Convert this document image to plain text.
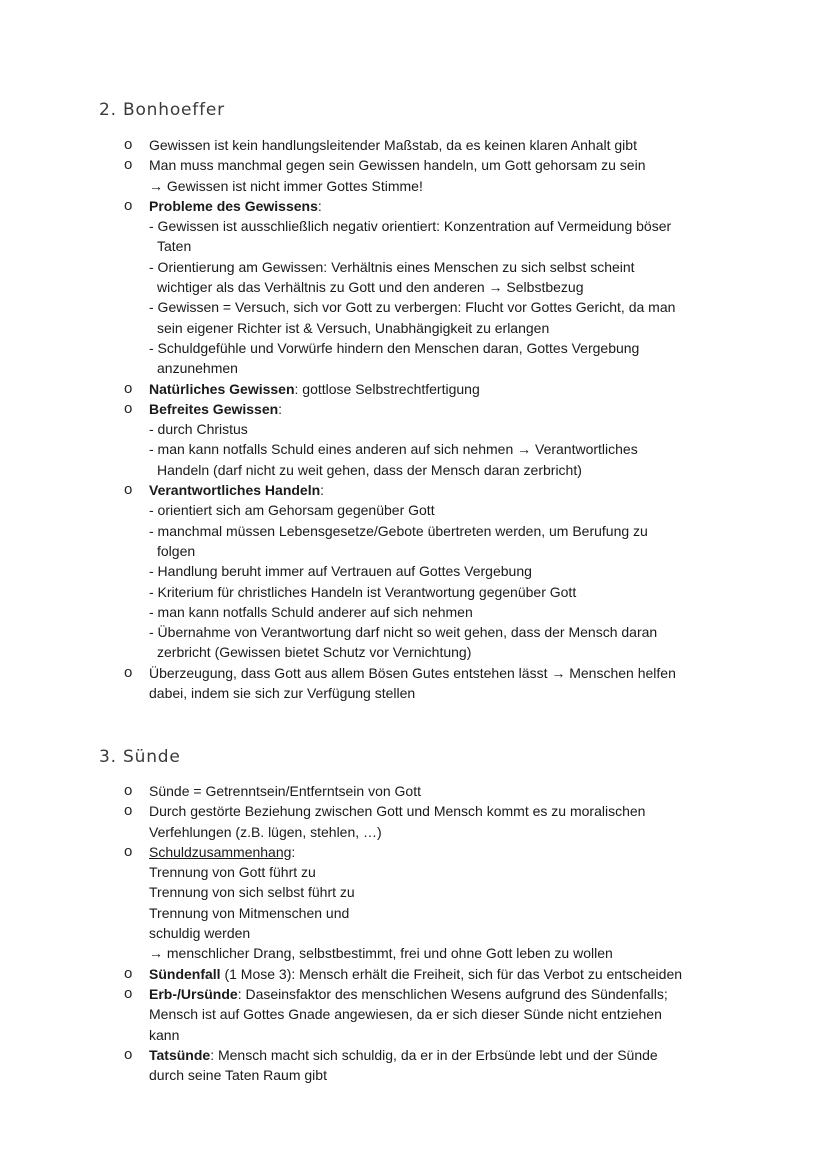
2. Bonhoeffer
o Gewissen ist kein handlungsleitender Maßstab, da es keinen klaren Anhalt gibt
o Man muss manchmal gegen sein Gewissen handeln, um Gott gehorsam zu sein
→ Gewissen ist nicht immer Gottes Stimme!
o Probleme des Gewissens:
- Gewissen ist ausschließlich negativ orientiert: Konzentration auf Vermeidung böser
Taten
- Orientierung am Gewissen: Verhältnis eines Menschen zu sich selbst scheint
wichtiger als das Verhältnis zu Gott und den anderen → Selbstbezug
- Gewissen = Versuch, sich vor Gott zu verbergen: Flucht vor Gottes Gericht, da man
sein eigener Richter ist & Versuch, Unabhängigkeit zu erlangen
- Schuldgefühle und Vorwürfe hindern den Menschen daran, Gottes Vergebung
anzunehmen
o Natürliches Gewissen: gottlose Selbstrechtfertigung
o Befreites Gewissen:
- durch Christus
- man kann notfalls Schuld eines anderen auf sich nehmen → Verantwortliches
Handeln (darf nicht zu weit gehen, dass der Mensch daran zerbricht)
o Verantwortliches Handeln:
- orientiert sich am Gehorsam gegenüber Gott
- manchmal müssen Lebensgesetze/Gebote übertreten werden, um Berufung zu
folgen
- Handlung beruht immer auf Vertrauen auf Gottes Vergebung
- Kriterium für christliches Handeln ist Verantwortung gegenüber Gott
- man kann notfalls Schuld anderer auf sich nehmen
- Übernahme von Verantwortung darf nicht so weit gehen, dass der Mensch daran
zerbricht (Gewissen bietet Schutz vor Vernichtung)
o Überzeugung, dass Gott aus allem Bösen Gutes entstehen lässt → Menschen helfen
dabei, indem sie sich zur Verfügung stellen
3. Sünde
o Sünde = Getrenntsein/Entferntsein von Gott
o Durch gestörte Beziehung zwischen Gott und Mensch kommt es zu moralischen
Verfehlungen (z.B. lügen, stehlen, …)
o Schuldzusammenhang:
Trennung von Gott führt zu
Trennung von sich selbst führt zu
Trennung von Mitmenschen und
schuldig werden
→ menschlicher Drang, selbstbestimmt, frei und ohne Gott leben zu wollen
o Sündenfall (1 Mose 3): Mensch erhält die Freiheit, sich für das Verbot zu entscheiden
o Erb-/Ursünde: Daseinsfaktor des menschlichen Wesens aufgrund des Sündenfalls;
Mensch ist auf Gottes Gnade angewiesen, da er sich dieser Sünde nicht entziehen
kann
o Tatsünde: Mensch macht sich schuldig, da er in der Erbsünde lebt und der Sünde
durch seine Taten Raum gibt
